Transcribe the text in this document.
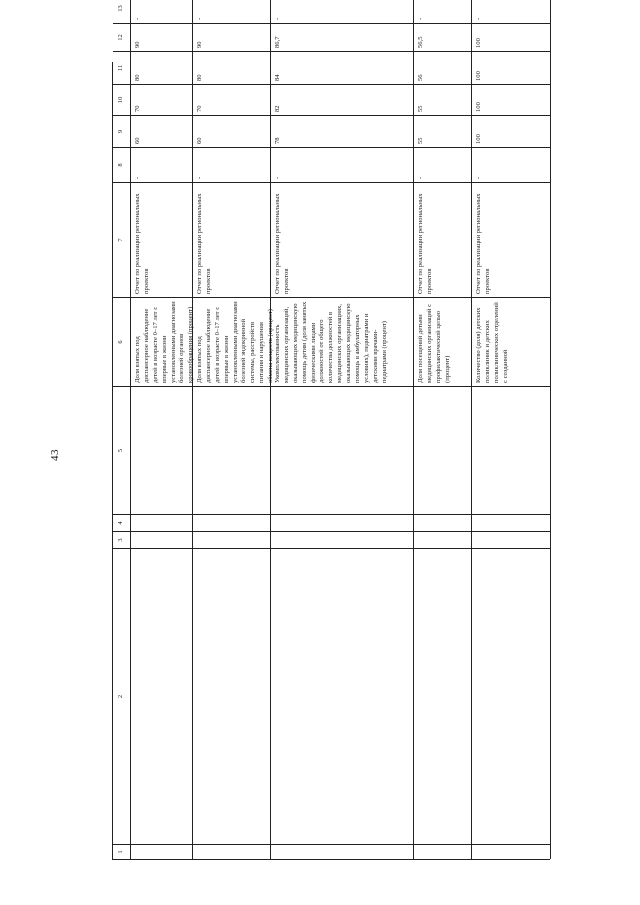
43
1
2
3
4
5
6
7
8
9
10
11
12
13
Доля взятых под диспансерное наблюдение детей в возрасте 0–17 лет с впервые в жизни установленными диагнозами болезней органов кровообращения (процент)
Отчет по реализации региональных проектов
-
60
70
80
90
-
Доля взятых под диспансерное наблюдение детей в возрасте 0–17 лет с впервые в жизни установленными диагнозами болезней эндокринной системы, расстройств питания и нарушения обмена веществ (процент)
Отчет по реализации региональных проектов
-
60
70
80
90
-
Укомплектованность медицинских организаций, оказывающих медицинскую помощь детям (доля занятых физическими лицами должностей от общего количества должностей в медицинских организациях, оказывающих медицинскую помощь в амбулаторных условиях), педиатрами и детскими врачами-педиатрами (процент)
Отчет по реализации региональных проектов
-
78
82
84
86,7
-
Доля посещений детьми медицинских организаций с профилактической целью (процент)
Отчет по реализации региональных проектов
-
55
55
56
56,5
-
Количество (доля) детских поликлиник и детских поликлинических отделений с созданной
Отчет по реализации региональных проектов
-
100
100
100
100
-
